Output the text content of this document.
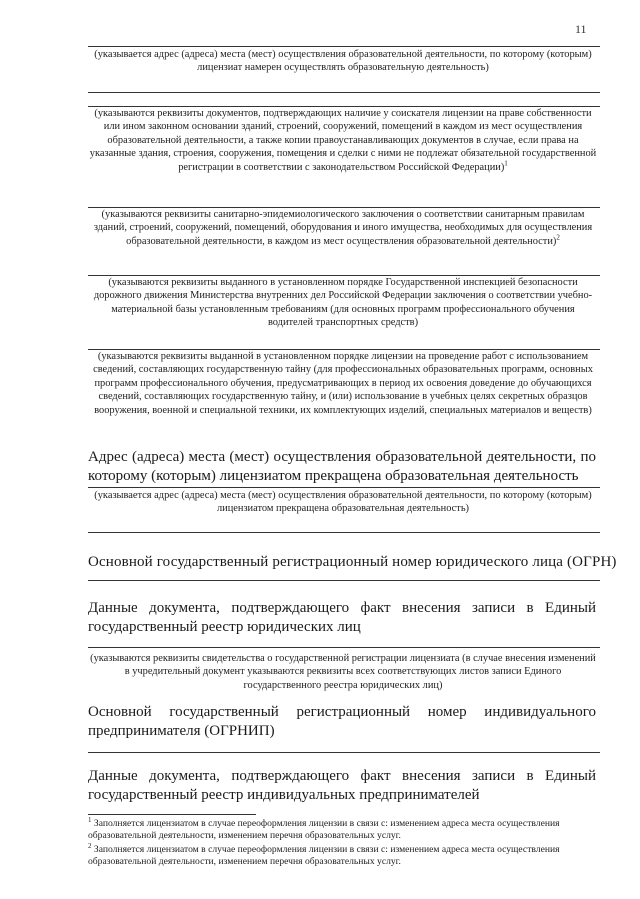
11
(указывается адрес (адреса) места (мест) осуществления образовательной деятельности, по которому (которым) лицензиат намерен осуществлять образовательную деятельность)
(указываются реквизиты документов, подтверждающих наличие у соискателя лицензии на праве собственности или ином законном основании зданий, строений, сооружений, помещений в каждом из мест осуществления образовательной деятельности, а также копии правоустанавливающих документов в случае, если права на указанные здания, строения, сооружения, помещения и сделки с ними не подлежат обязательной государственной регистрации в соответствии с законодательством Российской Федерации)$^1$
(указываются реквизиты санитарно-эпидемиологического заключения о соответствии санитарным правилам зданий, строений, сооружений, помещений, оборудования и иного имущества, необходимых для осуществления образовательной деятельности, в каждом из мест осуществления образовательной деятельности)$^2$
(указываются реквизиты выданного в установленном порядке Государственной инспекцией безопасности дорожного движения Министерства внутренних дел Российской Федерации заключения о соответствии учебно-материальной базы установленным требованиям (для основных программ профессионального обучения водителей транспортных средств)
(указываются реквизиты выданной в установленном порядке лицензии на проведение работ с использованием сведений, составляющих государственную тайну (для профессиональных образовательных программ, основных программ профессионального обучения, предусматривающих в период их освоения доведение до обучающихся сведений, составляющих государственную тайну, и (или) использование в учебных целях секретных образцов вооружения, военной и специальной техники, их комплектующих изделий, специальных материалов и веществ)
Адрес (адреса) места (мест) осуществления образовательной деятельности, по которому (которым) лицензиатом прекращена образовательная деятельность
(указывается адрес (адреса) места (мест) осуществления образовательной деятельности, по которому (которым) лицензиатом прекращена образовательная деятельность)
Основной государственный регистрационный номер юридического лица (ОГРН)
Данные документа, подтверждающего факт внесения записи в Единый государственный реестр юридических лиц
(указываются реквизиты свидетельства о государственной регистрации лицензиата (в случае внесения изменений в учредительный документ указываются реквизиты всех соответствующих листов записи Единого государственного реестра юридических лиц)
Основной государственный регистрационный номер индивидуального предпринимателя (ОГРНИП)
Данные документа, подтверждающего факт внесения записи в Единый государственный реестр индивидуальных предпринимателей
$^1$ Заполняется лицензиатом в случае переоформления лицензии в связи с: изменением адреса места осуществления образовательной деятельности, изменением перечня образовательных услуг.
$^2$ Заполняется лицензиатом в случае переоформления лицензии в связи с: изменением адреса места осуществления образовательной деятельности, изменением перечня образовательных услуг.
